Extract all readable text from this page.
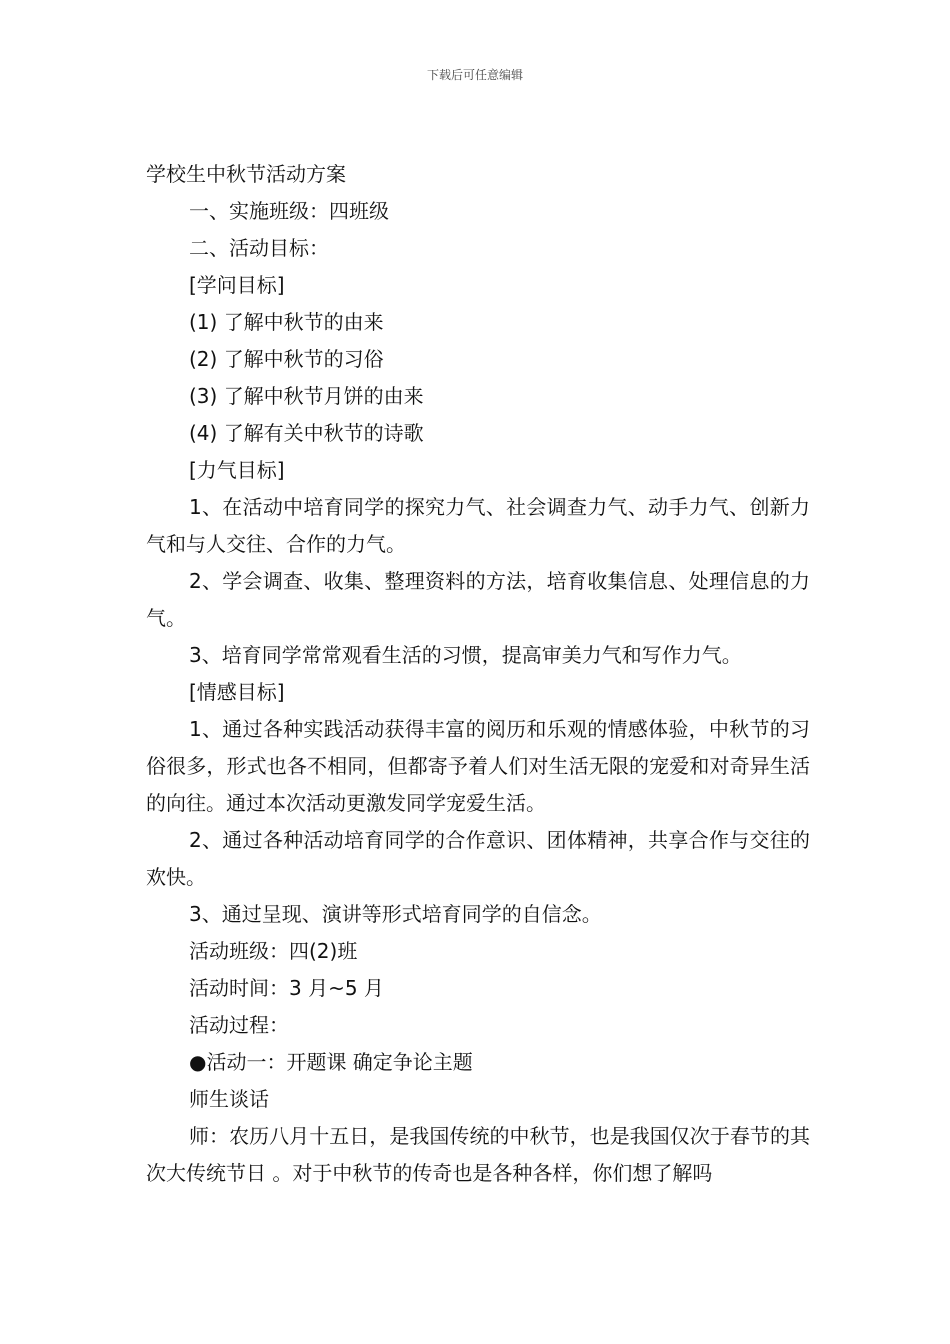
下载后可任意编辑

学校生中秋节活动方案

一、实施班级：四班级

二、活动目标：

[学问目标]

(1) 了解中秋节的由来

(2) 了解中秋节的习俗

(3) 了解中秋节月饼的由来

(4) 了解有关中秋节的诗歌

[力气目标]

1、在活动中培育同学的探究力气、社会调查力气、动手力气、创新力气和与人交往、合作的力气。

2、学会调查、收集、整理资料的方法，培育收集信息、处理信息的力气。

3、培育同学常常观看生活的习惯，提高审美力气和写作力气。

[情感目标]

1、通过各种实践活动获得丰富的阅历和乐观的情感体验，中秋节的习俗很多，形式也各不相同，但都寄予着人们对生活无限的宠爱和对奇异生活的向往。通过本次活动更激发同学宠爱生活。

2、通过各种活动培育同学的合作意识、团体精神，共享合作与交往的欢快。

3、通过呈现、演讲等形式培育同学的自信念。

活动班级：四(2)班

活动时间：3 月~5 月

活动过程：

●活动一：开题课 确定争论主题

师生谈话

师：农历八月十五日，是我国传统的中秋节，也是我国仅次于春节的其次大传统节日 。对于中秋节的传奇也是各种各样，你们想了解吗
